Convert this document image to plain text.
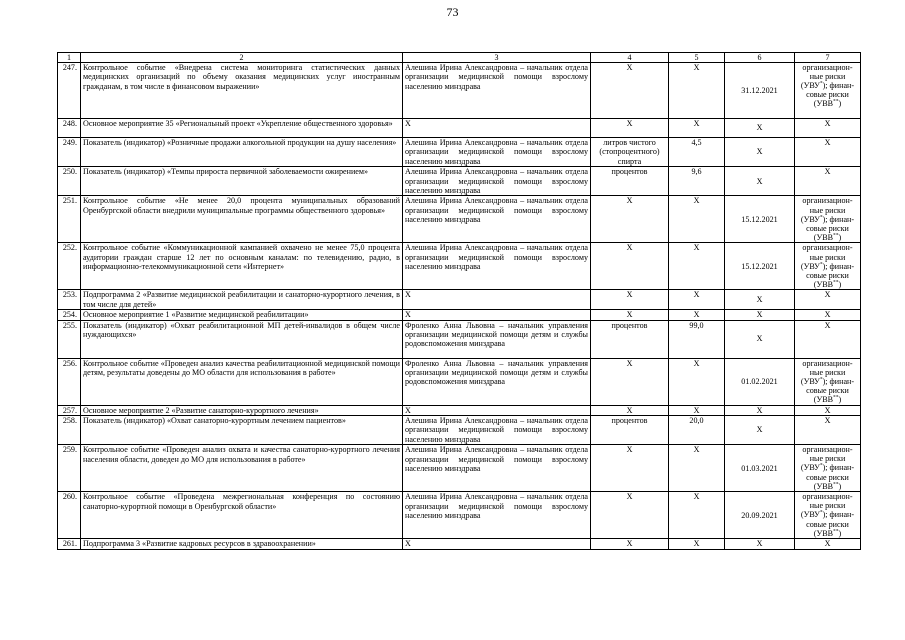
73
1	2	3	4	5	6	7
247.	Контрольное событие «Внедрена система мониторинга статистических данных медицинских организаций по объему оказания медицинских услуг иностранным гражданам, в том числе в финансовом выражении»	Алешина Ирина Александровна – начальник отдела организации медицинской помощи взрослому населению минздрава	X	X	31.12.2021	организацион-ные риски (УВУ*); финан-совые риски (УВВ**)
248.	Основное мероприятие 35 «Региональный проект «Укрепление общественного здоровья»	X	X	X	X	X
249.	Показатель (индикатор) «Розничные продажи алкогольной продукции на душу населения»	Алешина Ирина Александровна – начальник отдела организации медицинской помощи взрослому населению минздрава	литров чистого (стопроцентного) спирта	4,5	X	X
250.	Показатель (индикатор) «Темпы прироста первичной заболеваемости ожирением»	Алешина Ирина Александровна – начальник отдела организации медицинской помощи взрослому населению минздрава	процентов	9,6	X	X
251.	Контрольное событие «Не менее 20,0 процента муниципальных образований Оренбургской области внедрили муниципальные программы общественного здоровья»	Алешина Ирина Александровна – начальник отдела организации медицинской помощи взрослому населению минздрава	X	X	15.12.2021	организацион-ные риски (УВУ*); финан-совые риски (УВВ**)
252.	Контрольное событие «Коммуникационной кампанией охвачено не менее 75,0 процента аудитории граждан старше 12 лет по основным каналам: по телевидению, радио, в информационно-телекоммуникационной сети «Интернет»	Алешина Ирина Александровна – начальник отдела организации медицинской помощи взрослому населению минздрава	X	X	15.12.2021	организацион-ные риски (УВУ*); финан-совые риски (УВВ**)
253.	Подпрограмма 2 «Развитие медицинской реабилитации и санаторно-курортного лечения, в том числе для детей»	X	X	X	X	X
254.	Основное мероприятие 1 «Развитие медицинской реабилитации»	X	X	X	X	X
255.	Показатель (индикатор) «Охват реабилитационной МП детей-инвалидов в общем числе нуждающихся»	Фроленко Анна Львовна – начальник управления организации медицинской помощи детям и службы родовспоможения минздрава	процентов	99,0	X	X
256.	Контрольное событие «Проведен анализ качества реабилитационной медицинской помощи детям, результаты доведены до МО области для использования в работе»	Фроленко Анна Львовна – начальник управления организации медицинской помощи детям и службы родовспоможения минздрава	X	X	01.02.2021	организацион-ные риски (УВУ*); финан-совые риски (УВВ**)
257.	Основное мероприятие 2 «Развитие санаторно-курортного лечения»	X	X	X	X	X
258.	Показатель (индикатор) «Охват санаторно-курортным лечением пациентов»	Алешина Ирина Александровна – начальник отдела организации медицинской помощи взрослому населению минздрава	процентов	20,0	X	X
259.	Контрольное событие «Проведен анализ охвата и качества санаторно-курортного лечения населения области, доведен до МО для использования в работе»	Алешина Ирина Александровна – начальник отдела организации медицинской помощи взрослому населению минздрава	X	X	01.03.2021	организацион-ные риски (УВУ*); финан-совые риски (УВВ**)
260.	Контрольное событие «Проведена межрегиональная конференция по состоянию санаторно-курортной помощи в Оренбургской области»	Алешина Ирина Александровна – начальник отдела организации медицинской помощи взрослому населению минздрава	X	X	20.09.2021	организацион-ные риски (УВУ*); финан-совые риски (УВВ**)
261.	Подпрограмма 3 «Развитие кадровых ресурсов в здравоохранении»	X	X	X	X	X
